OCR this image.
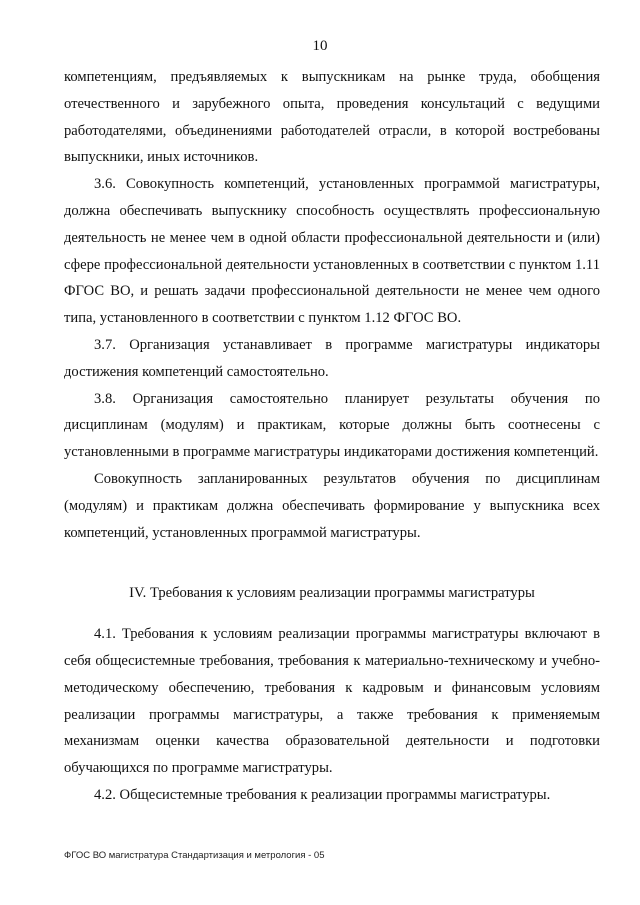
10

компетенциям, предъявляемых к выпускникам на рынке труда, обобщения отечественного и зарубежного опыта, проведения консультаций с ведущими работодателями, объединениями работодателей отрасли, в которой востребованы выпускники, иных источников.

3.6. Совокупность компетенций, установленных программой магистратуры, должна обеспечивать выпускнику способность осуществлять профессиональную деятельность не менее чем в одной области профессиональной деятельности и (или) сфере профессиональной деятельности установленных в соответствии с пунктом 1.11 ФГОС ВО, и решать задачи профессиональной деятельности не менее чем одного типа, установленного в соответствии с пунктом 1.12 ФГОС ВО.

3.7. Организация устанавливает в программе магистратуры индикаторы достижения компетенций самостоятельно.

3.8. Организация самостоятельно планирует результаты обучения по дисциплинам (модулям) и практикам, которые должны быть соотнесены с установленными в программе магистратуры индикаторами достижения компетенций.

Совокупность запланированных результатов обучения по дисциплинам (модулям) и практикам должна обеспечивать формирование у выпускника всех компетенций, установленных программой магистратуры.

IV. Требования к условиям реализации программы магистратуры

4.1. Требования к условиям реализации программы магистратуры включают в себя общесистемные требования, требования к материально-техническому и учебно-методическому обеспечению, требования к кадровым и финансовым условиям реализации программы магистратуры, а также требования к применяемым механизмам оценки качества образовательной деятельности и подготовки обучающихся по программе магистратуры.

4.2. Общесистемные требования к реализации программы магистратуры.

ФГОС ВО магистратура Стандартизация и метрология - 05
